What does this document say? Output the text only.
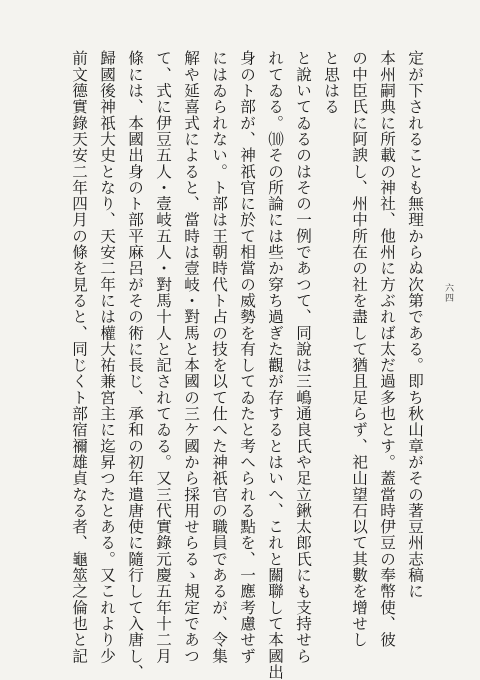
六四
定が下されることも無理からぬ次第である。即ち秋山章がその著豆州志稿に
本州嗣典に所載の神社、他州に方ぶれば太だ過多也とす。蓋當時伊豆の奉幣使、彼
の中臣氏に阿諛し、州中所在の社を盡して猶且足らず、祀山望石以て其數を增せし
と思はる
と說いてゐるのはその一例であつて、同說は三嶋通良氏や足立鍬太郎氏にも支持せら
れてゐる。⑽その所論には些か穿ち過ぎた觀が存するとはいへ、これと關聯して本國出
身のト部が、神祇官に於て相當の威勢を有してゐたと考へられる點を、一應考慮せず
にはゐられない。ト部は王朝時代ト占の技を以て仕へた神祇官の職員であるが、令集
解や延喜式によると、當時は壹岐・對馬と本國の三ケ國から採用せらるゝ規定であつ
て、式に伊豆五人・壹岐五人・對馬十人と記されてゐる。又三代實錄元慶五年十二月
條には、本國出身のト部平麻呂がその術に長じ、承和の初年遣唐使に隨行して入唐し、
歸國後神祇大史となり、天安二年には權大祐兼宮主に迄昇つたとある。又これより少
前文德實錄天安二年四月の條を見ると、同じくト部宿禰雄貞なる者、龜筮之倫也と記
